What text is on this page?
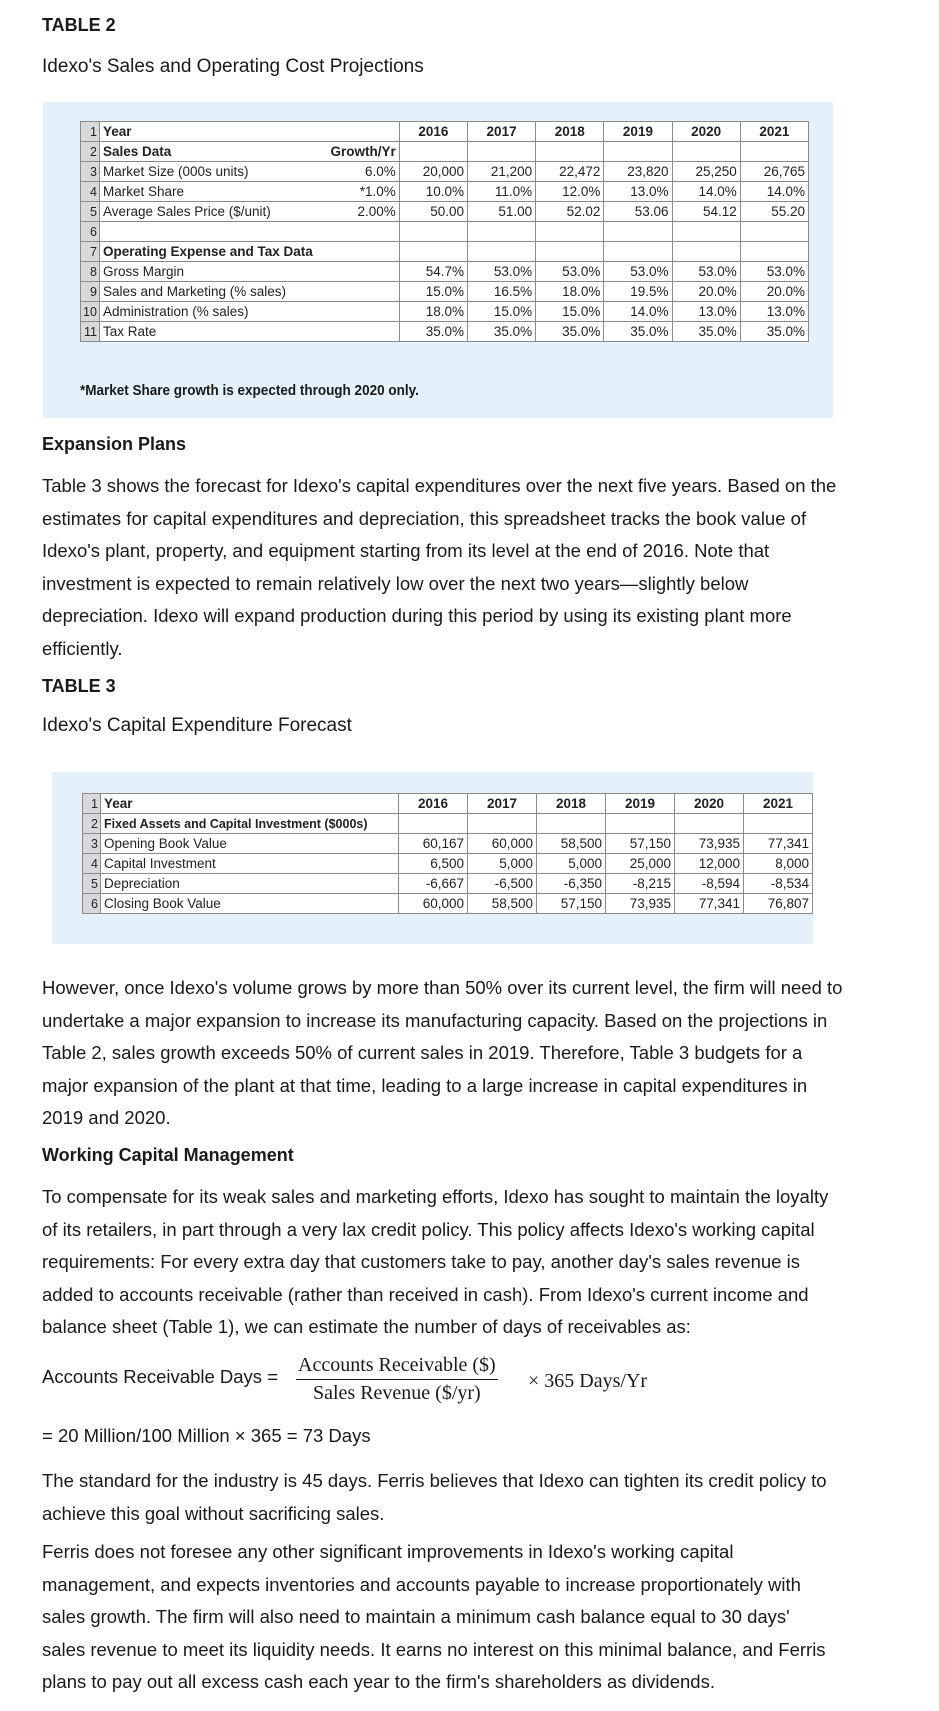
TABLE 2
Idexo's Sales and Operating Cost Projections
1	Year		2016	2017	2018	2019	2020	2021
2	Sales Data	Growth/Yr						
3	Market Size (000s units)	6.0%	20,000	21,200	22,472	23,820	25,250	26,765
4	Market Share	*1.0%	10.0%	11.0%	12.0%	13.0%	14.0%	14.0%
5	Average Sales Price ($/unit)	2.00%	50.00	51.00	52.02	53.06	54.12	55.20
6								
7	Operating Expense and Tax Data							
8	Gross Margin		54.7%	53.0%	53.0%	53.0%	53.0%	53.0%
9	Sales and Marketing (% sales)		15.0%	16.5%	18.0%	19.5%	20.0%	20.0%
10	Administration (% sales)		18.0%	15.0%	15.0%	14.0%	13.0%	13.0%
11	Tax Rate		35.0%	35.0%	35.0%	35.0%	35.0%	35.0%
*Market Share growth is expected through 2020 only.
Expansion Plans
Table 3 shows the forecast for Idexo's capital expenditures over the next five years. Based on the
estimates for capital expenditures and depreciation, this spreadsheet tracks the book value of
Idexo's plant, property, and equipment starting from its level at the end of 2016. Note that
investment is expected to remain relatively low over the next two years—slightly below
depreciation. Idexo will expand production during this period by using its existing plant more
efficiently.
TABLE 3
Idexo's Capital Expenditure Forecast
1	Year	2016	2017	2018	2019	2020	2021
2	Fixed Assets and Capital Investment ($000s)						
3	Opening Book Value	60,167	60,000	58,500	57,150	73,935	77,341
4	Capital Investment	6,500	5,000	5,000	25,000	12,000	8,000
5	Depreciation	-6,667	-6,500	-6,350	-8,215	-8,594	-8,534
6	Closing Book Value	60,000	58,500	57,150	73,935	77,341	76,807
However, once Idexo's volume grows by more than 50% over its current level, the firm will need to
undertake a major expansion to increase its manufacturing capacity. Based on the projections in
Table 2, sales growth exceeds 50% of current sales in 2019. Therefore, Table 3 budgets for a
major expansion of the plant at that time, leading to a large increase in capital expenditures in
2019 and 2020.
Working Capital Management
To compensate for its weak sales and marketing efforts, Idexo has sought to maintain the loyalty
of its retailers, in part through a very lax credit policy. This policy affects Idexo's working capital
requirements: For every extra day that customers take to pay, another day's sales revenue is
added to accounts receivable (rather than received in cash). From Idexo's current income and
balance sheet (Table 1), we can estimate the number of days of receivables as:
Accounts Receivable Days =
Accounts Receivable ($)
Sales Revenue ($/yr)
× 365 Days/Yr
= 20 Million/100 Million × 365 = 73 Days
The standard for the industry is 45 days. Ferris believes that Idexo can tighten its credit policy to
achieve this goal without sacrificing sales.
Ferris does not foresee any other significant improvements in Idexo's working capital
management, and expects inventories and accounts payable to increase proportionately with
sales growth. The firm will also need to maintain a minimum cash balance equal to 30 days'
sales revenue to meet its liquidity needs. It earns no interest on this minimal balance, and Ferris
plans to pay out all excess cash each year to the firm's shareholders as dividends.
